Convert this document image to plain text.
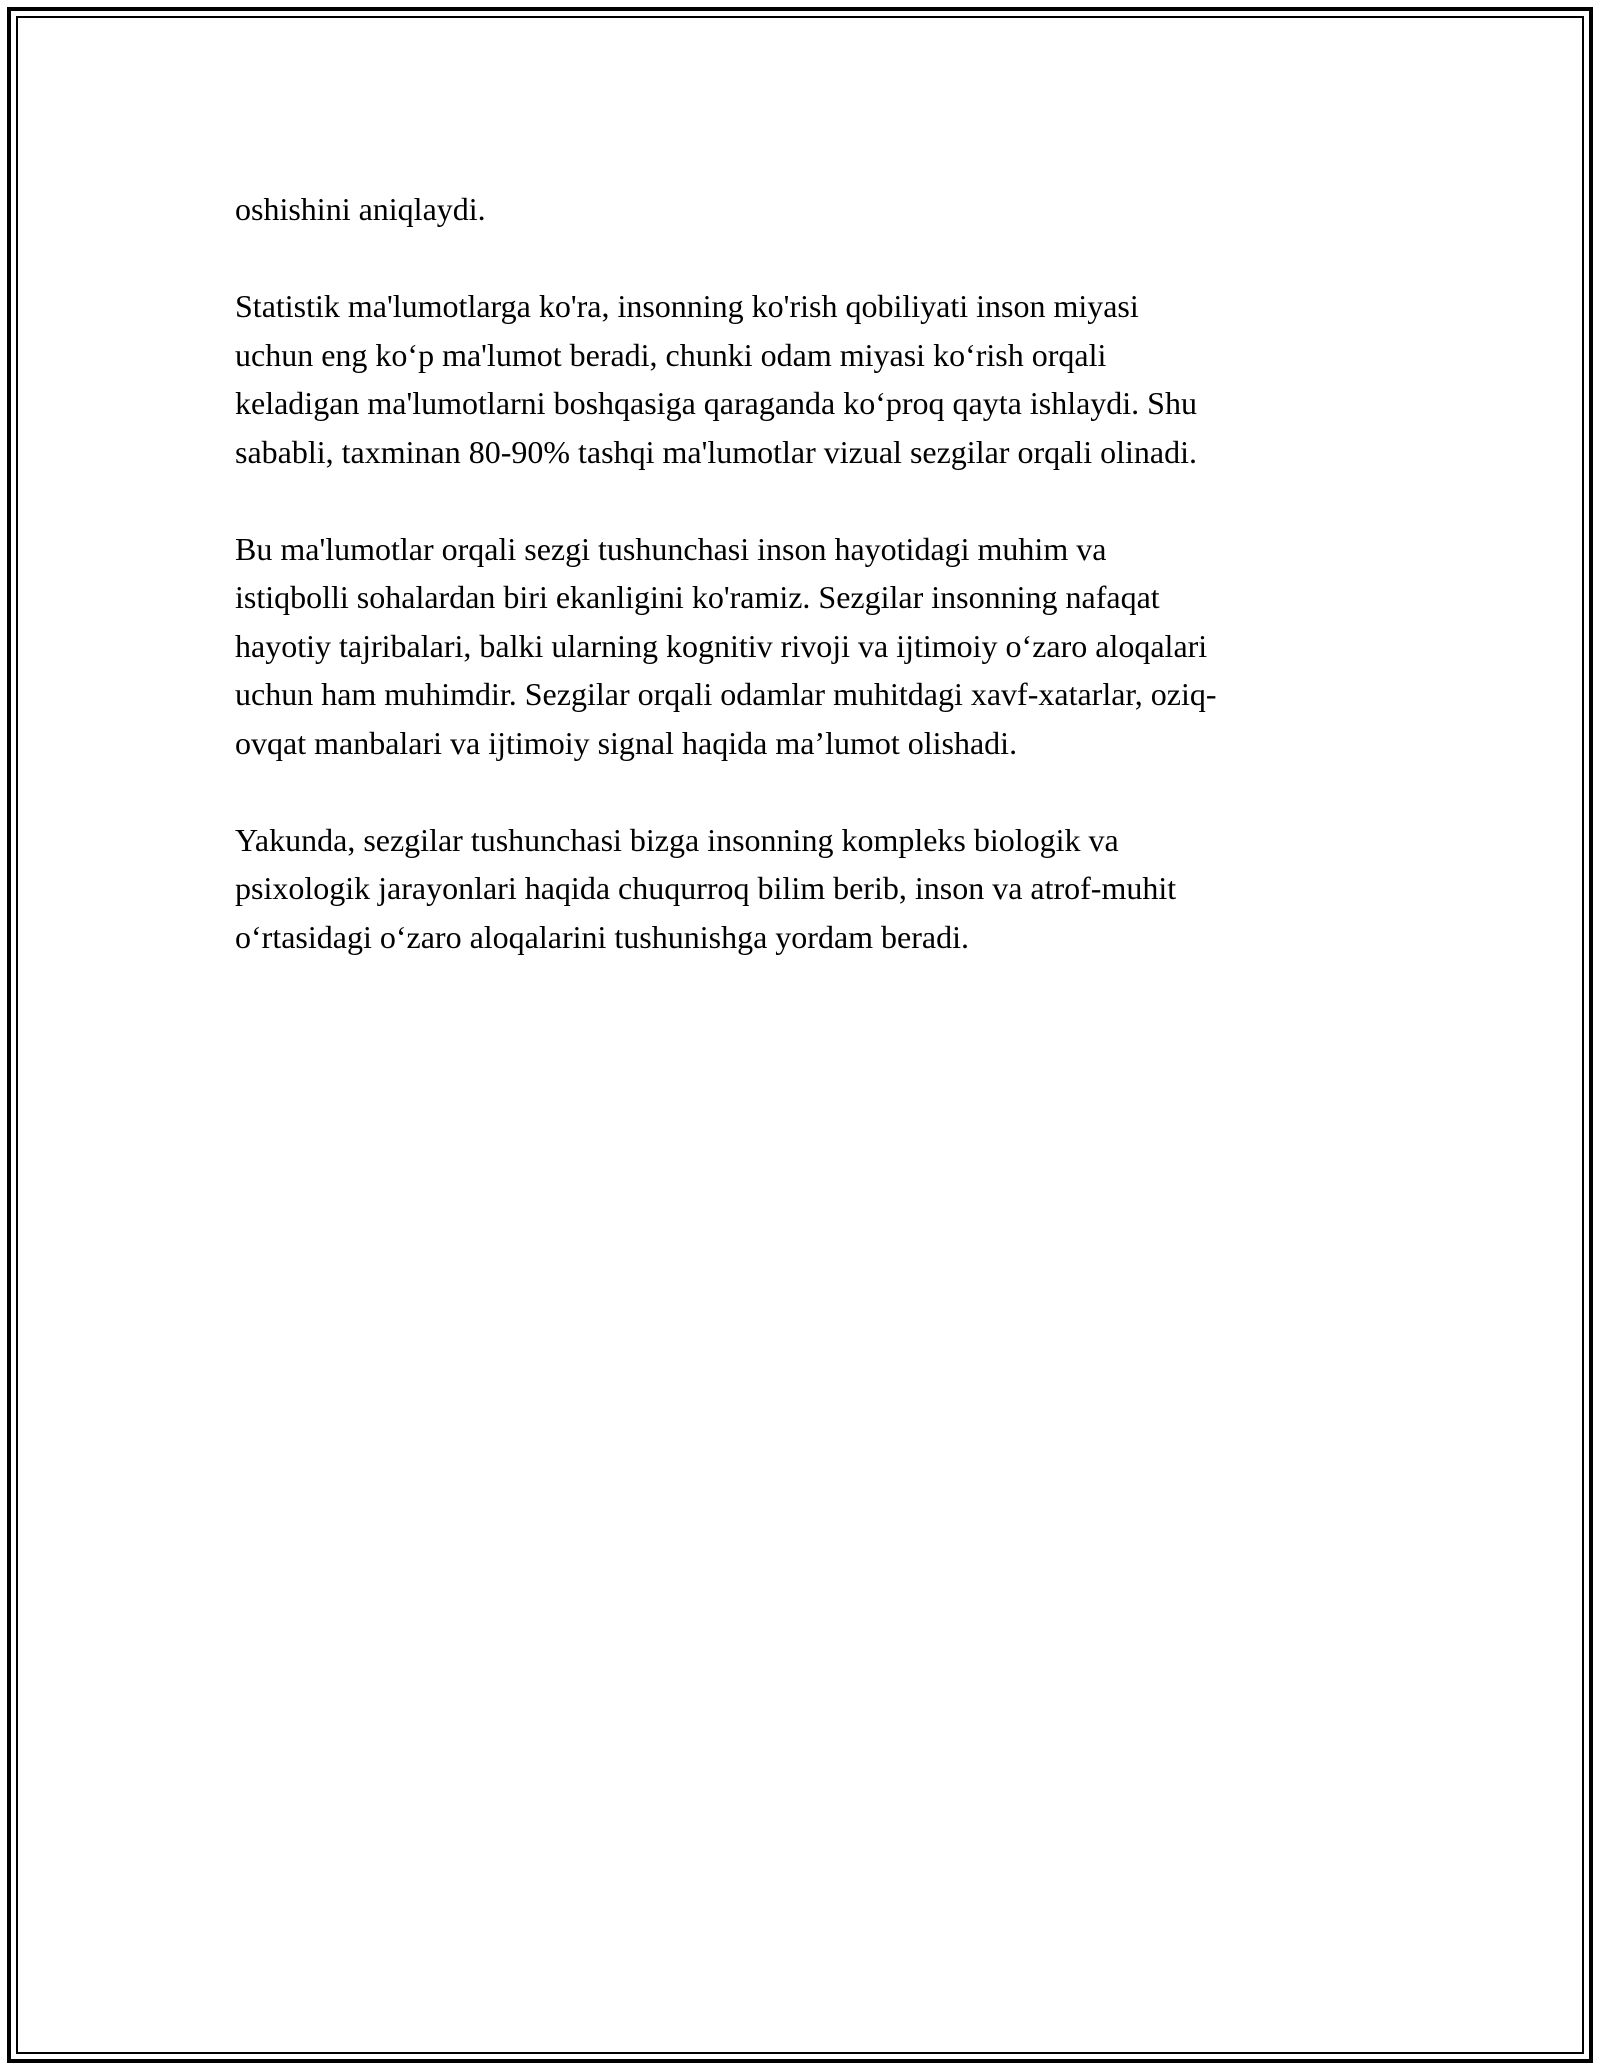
oshishini aniqlaydi.

Statistik ma'lumotlarga ko'ra, insonning ko'rish qobiliyati inson miyasi
uchun eng ko‘p ma'lumot beradi, chunki odam miyasi ko‘rish orqali
keladigan ma'lumotlarni boshqasiga qaraganda ko‘proq qayta ishlaydi. Shu
sababli, taxminan 80-90% tashqi ma'lumotlar vizual sezgilar orqali olinadi.

Bu ma'lumotlar orqali sezgi tushunchasi inson hayotidagi muhim va
istiqbolli sohalardan biri ekanligini ko'ramiz. Sezgilar insonning nafaqat
hayotiy tajribalari, balki ularning kognitiv rivoji va ijtimoiy o‘zaro aloqalari
uchun ham muhimdir. Sezgilar orqali odamlar muhitdagi xavf-xatarlar, oziq-
ovqat manbalari va ijtimoiy signal haqida ma’lumot olishadi.

Yakunda, sezgilar tushunchasi bizga insonning kompleks biologik va
psixologik jarayonlari haqida chuqurroq bilim berib, inson va atrof-muhit
o‘rtasidagi o‘zaro aloqalarini tushunishga yordam beradi.
